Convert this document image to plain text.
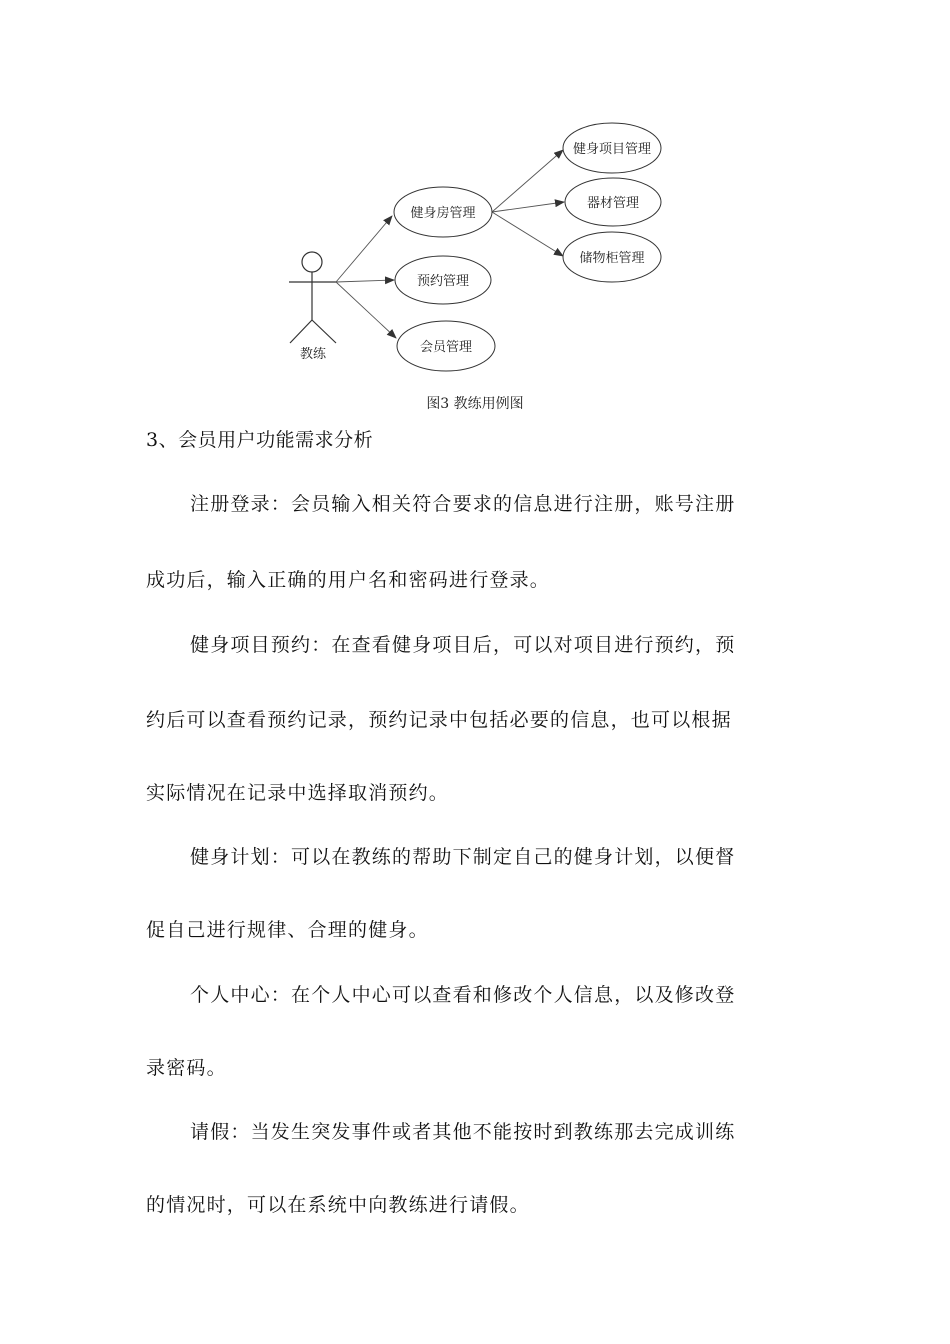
教练
健身房管理
预约管理
会员管理
健身项目管理
器材管理
储物柜管理
图3 教练用例图
3、会员用户功能需求分析
注册登录：会员输入相关符合要求的信息进行注册，账号注册
成功后，输入正确的用户名和密码进行登录。
健身项目预约：在查看健身项目后，可以对项目进行预约，预
约后可以查看预约记录，预约记录中包括必要的信息，也可以根据
实际情况在记录中选择取消预约。
健身计划：可以在教练的帮助下制定自己的健身计划，以便督
促自己进行规律、合理的健身。
个人中心：在个人中心可以查看和修改个人信息，以及修改登
录密码。
请假：当发生突发事件或者其他不能按时到教练那去完成训练
的情况时，可以在系统中向教练进行请假。
